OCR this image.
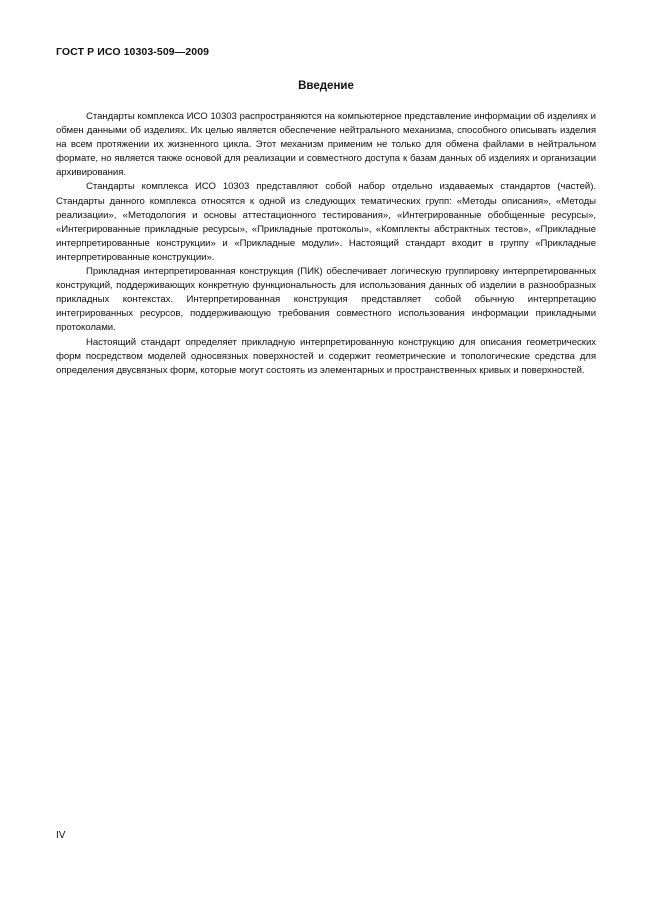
ГОСТ Р ИСО 10303-509—2009
Введение

Стандарты комплекса ИСО 10303 распространяются на компьютерное представление информации об изделиях и обмен данными об изделиях. Их целью является обеспечение нейтрального механизма, способного описывать изделия на всем протяжении их жизненного цикла. Этот механизм применим не только для обмена файлами в нейтральном формате, но является также основой для реализации и совместного доступа к базам данных об изделиях и организации архивирования.

Стандарты комплекса ИСО 10303 представляют собой набор отдельно издаваемых стандартов (частей). Стандарты данного комплекса относятся к одной из следующих тематических групп: «Методы описания», «Методы реализации», «Методология и основы аттестационного тестирования», «Интегрированные обобщенные ресурсы», «Интегрированные прикладные ресурсы», «Прикладные протоколы», «Комплекты абстрактных тестов», «Прикладные интерпретированные конструкции» и «Прикладные модули». Настоящий стандарт входит в группу «Прикладные интерпретированные конструкции».

Прикладная интерпретированная конструкция (ПИК) обеспечивает логическую группировку интерпретированных конструкций, поддерживающих конкретную функциональность для использования данных об изделии в разнообразных прикладных контекстах. Интерпретированная конструкция представляет собой обычную интерпретацию интегрированных ресурсов, поддерживающую требования совместного использования информации прикладными протоколами.

Настоящий стандарт определяет прикладную интерпретированную конструкцию для описания геометрических форм посредством моделей односвязных поверхностей и содержит геометрические и топологические средства для определения двусвязных форм, которые могут состоять из элементарных и пространственных кривых и поверхностей.

IV
